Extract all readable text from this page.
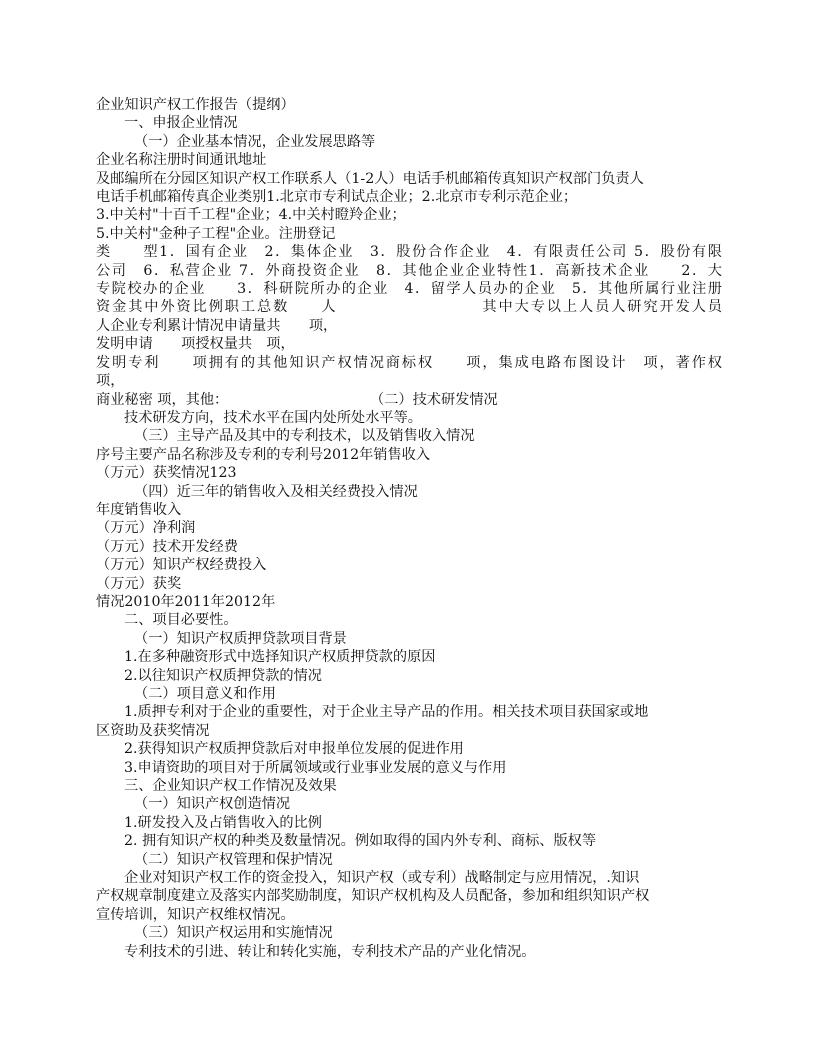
企业知识产权工作报告（提纲）
一、申报企业情况
（一）企业基本情况，企业发展思路等
企业名称注册时间通讯地址
及邮编所在分园区知识产权工作联系人（1-2人）电话手机邮箱传真知识产权部门负责人
电话手机邮箱传真企业类别1.北京市专利试点企业；2.北京市专利示范企业；
3.中关村"十百千工程"企业；4.中关村瞪羚企业；
5.中关村"金种子工程"企业。注册登记
类　　型1．国有企业　2．集体企业　3．股份合作企业　4．有限责任公司 5．股份有限
公司　6．私营企业 7．外商投资企业　8．其他企业企业特性1．高新技术企业　　2．大
专院校办的企业　　3．科研院所办的企业　4．留学人员办的企业　5．其他所属行业注册
资金其中外资比例职工总数　　人　　　　　　　　　其中大专以上人员人研究开发人员
人企业专利累计情况申请量共　　项，
发明申请　　项授权量共　项，
发明专利　　项拥有的其他知识产权情况商标权　　项，集成电路布图设计　项，著作权
项，
商业秘密 项，其他：　　　　　　　　　　　（二）技术研发情况
技术研发方向，技术水平在国内处所处水平等。
（三）主导产品及其中的专利技术，以及销售收入情况
序号主要产品名称涉及专利的专利号2012年销售收入
（万元）获奖情况123
（四）近三年的销售收入及相关经费投入情况
年度销售收入
（万元）净利润
（万元）技术开发经费
（万元）知识产权经费投入
（万元）获奖
情况2010年2011年2012年
二、项目必要性。
（一）知识产权质押贷款项目背景
1.在多种融资形式中选择知识产权质押贷款的原因
2.以往知识产权质押贷款的情况
（二）项目意义和作用
1.质押专利对于企业的重要性，对于企业主导产品的作用。相关技术项目获国家或地
区资助及获奖情况
2.获得知识产权质押贷款后对申报单位发展的促进作用
3.申请资助的项目对于所属领域或行业事业发展的意义与作用
三、企业知识产权工作情况及效果
（一）知识产权创造情况
1.研发投入及占销售收入的比例
2. 拥有知识产权的种类及数量情况。例如取得的国内外专利、商标、版权等
（二）知识产权管理和保护情况
企业对知识产权工作的资金投入，知识产权（或专利）战略制定与应用情况，.知识
产权规章制度建立及落实内部奖励制度，知识产权机构及人员配备，参加和组织知识产权
宣传培训，知识产权维权情况。
（三）知识产权运用和实施情况
专利技术的引进、转让和转化实施，专利技术产品的产业化情况。
